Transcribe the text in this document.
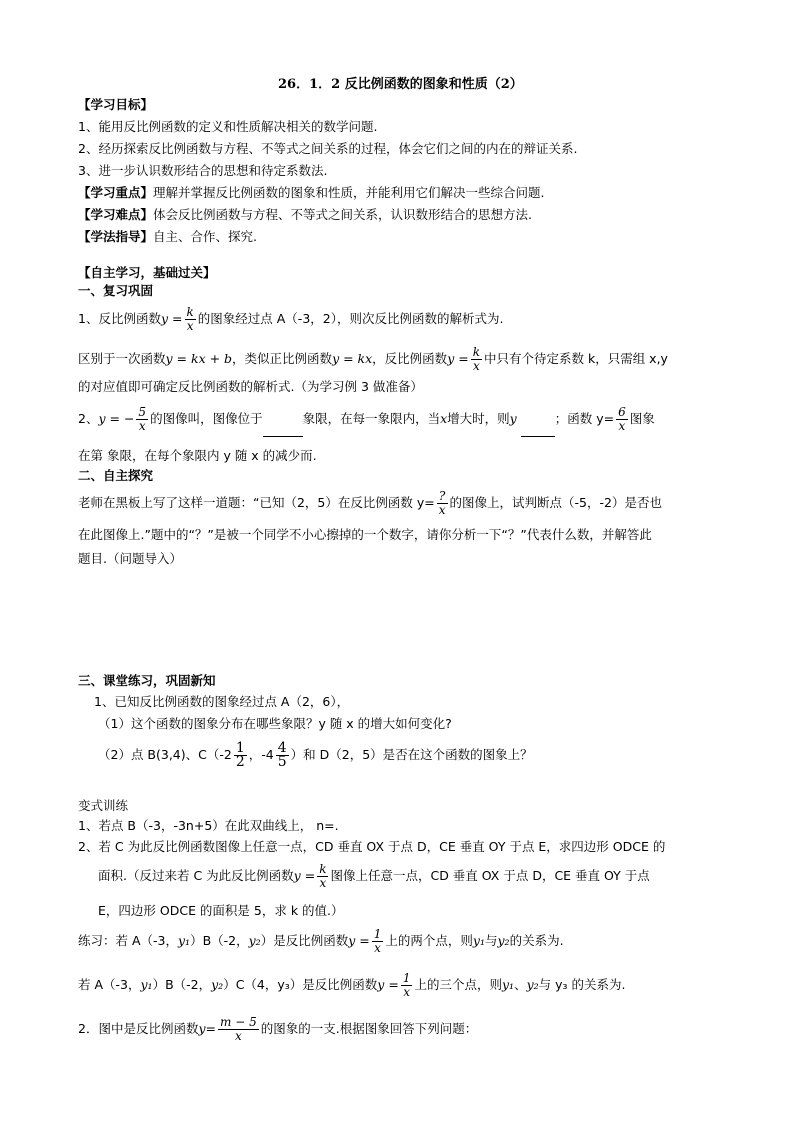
26．1．2 反比例函数的图象和性质（2）
【学习目标】
1、能用反比例函数的定义和性质解决相关的数学问题.
2、经历探索反比例函数与方程、不等式之间关系的过程，体会它们之间的内在的辩证关系.
3、进一步认识数形结合的思想和待定系数法.
【学习重点】理解并掌握反比例函数的图象和性质，并能利用它们解决一些综合问题.
【学习难点】体会反比例函数与方程、不等式之间关系，认识数形结合的思想方法.
【学法指导】自主、合作、探究.
【自主学习，基础过关】
一、复习巩固
1、反比例函数$y = \frac{k}{x}$ 的图象经过点 A（-3，2），则次反比例函数的解析式为.
区别于一次函数y = kx + b，类似正比例函数y = kx，反比例函数$y = \frac{k}{x}$ 中只有个待定系数 k，只需组 x,y
的对应值即可确定反比例函数的解析式.（为学习例 3 做准备）
2、y = − $\frac{5}{x}$ 的图像叫，图像位于	象限，在每一象限内，当x增大时，则y	；函数 $y= \frac{6}{x}$ 图象
在第 象限，在每个象限内 y 随 x 的减少而.
二、自主探究
老师在黑板上写了这样一道题：“已知（2，5）在反比例函数 y= ?
x 的图像上，试判断点（-5，-2）是否也
在此图像上.”题中的“？”是被一个同学不小心擦掉的一个数字，请你分析一下“？”代表什么数，并解答此
题目.（问题导入）
三、课堂练习，巩固新知
1、已知反比例函数的图象经过点 A（2，6），
（1）这个函数的图象分布在哪些象限？y 随 x 的增大如何变化?
（2）点 B(3,4)、$C(-2 \frac{1}{2}$ ，$-4 \frac{4}{5}$ ）和 D（2，5）是否在这个函数的图象上？
变式训练
1、若点 B（-3，-3n+5）在此双曲线上， n=.
2、若 C 为此反比例函数图像上任意一点，CD 垂直 OX 于点 D，CE 垂直 OY 于点 E，求四边形 ODCE 的
面积.（反过来若 C 为此反比例函数$y = \frac{k}{x}$ 图像上任意一点，CD 垂直 OX 于点 D，CE 垂直 OY 于点
E，四边形 ODCE 的面积是 5，求 k 的值.）
练习：若 A（-3，y₁）B（-2，y₂）是反比例函数$y = \frac{1}{x}$ 上的两个点，则y₁与y₂的关系为.
若 A（-3，y₁）B（-2，y₂）C（4，y₃）是反比例函数$y = \frac{1}{x}$ 上的三个点，则y₁、y₂与 y₃ 的关系为.
2．图中是反比例函数$y= \frac{m - 5}{x}$ 的图象的一支.根据图象回答下列问题：
